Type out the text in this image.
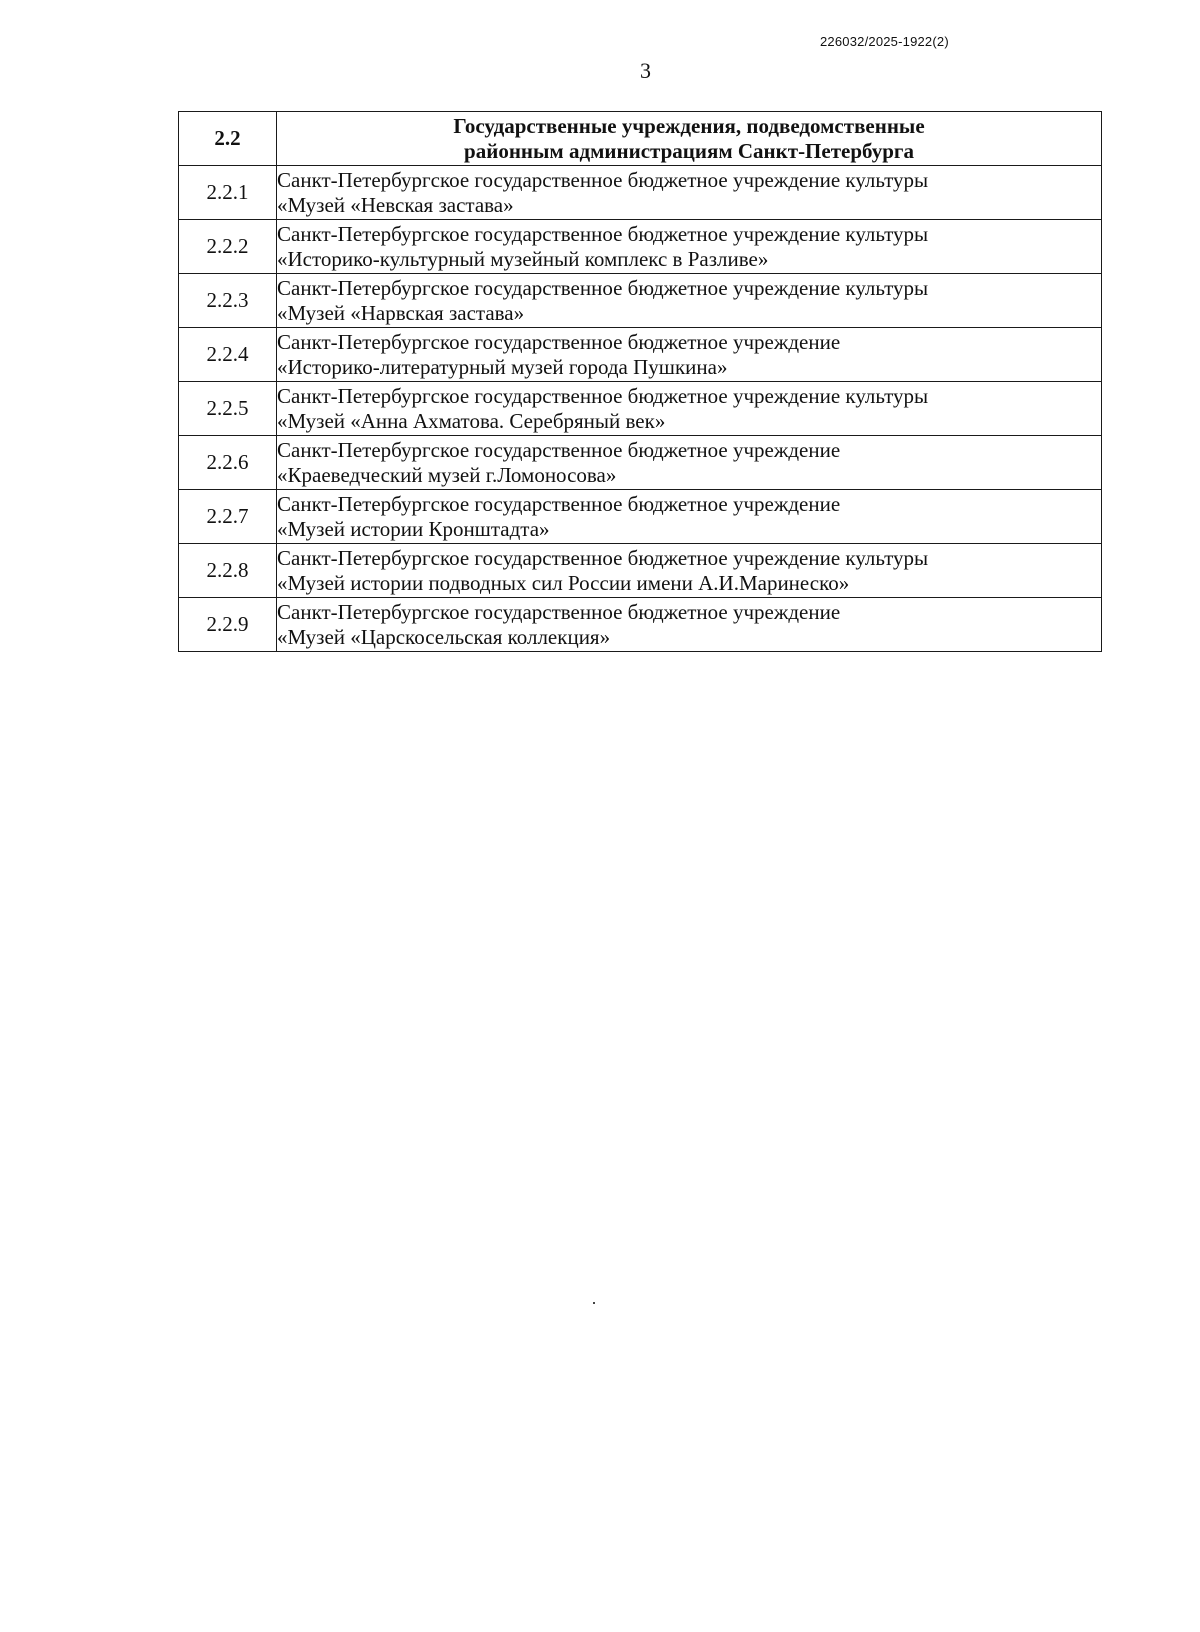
226032/2025-1922(2)
3
2.2	Государственные учреждения, подведомственные
районным администрациям Санкт-Петербурга

2.2.1	Санкт-Петербургское государственное бюджетное учреждение культуры
«Музей «Невская застава»

2.2.2	Санкт-Петербургское государственное бюджетное учреждение культуры
«Историко-культурный музейный комплекс в Разливе»

2.2.3	Санкт-Петербургское государственное бюджетное учреждение культуры
«Музей «Нарвская застава»

2.2.4	Санкт-Петербургское государственное бюджетное учреждение
«Историко-литературный музей города Пушкина»

2.2.5	Санкт-Петербургское государственное бюджетное учреждение культуры
«Музей «Анна Ахматова. Серебряный век»

2.2.6	Санкт-Петербургское государственное бюджетное учреждение
«Краеведческий музей г.Ломоносова»

2.2.7	Санкт-Петербургское государственное бюджетное учреждение
«Музей истории Кронштадта»

2.2.8	Санкт-Петербургское государственное бюджетное учреждение культуры
«Музей истории подводных сил России имени А.И.Маринеско»

2.2.9	Санкт-Петербургское государственное бюджетное учреждение
«Музей «Царскосельская коллекция»
